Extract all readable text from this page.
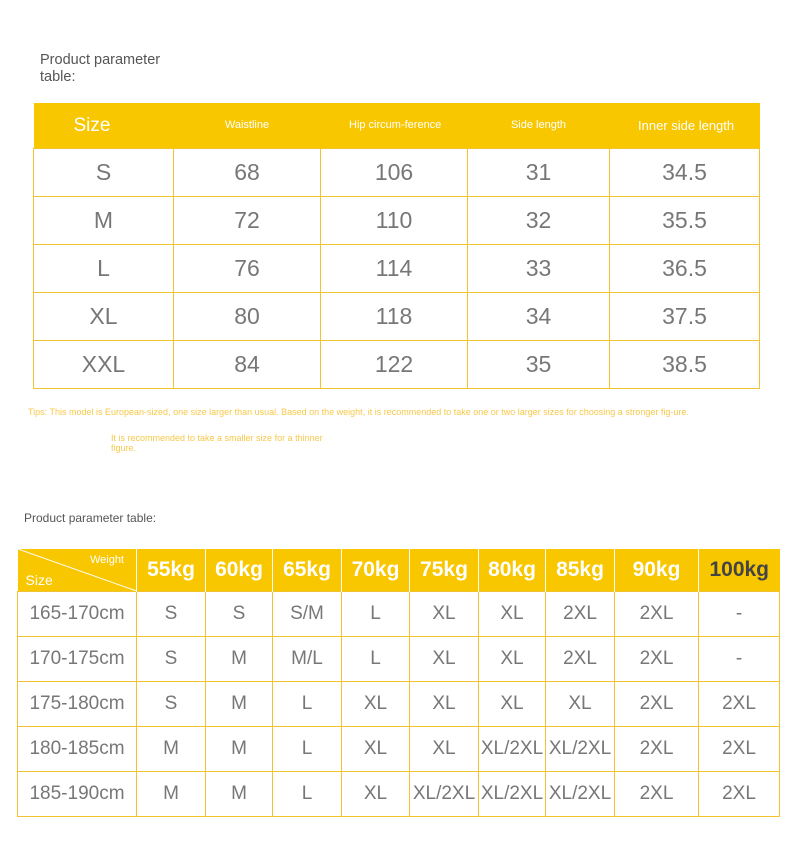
Product parameter table:
Size	Waistline	Hip circum-ference	Side length	Inner side length
S	68	106	31	34.5
M	72	110	32	35.5
L	76	114	33	36.5
XL	80	118	34	37.5
XXL	84	122	35	38.5
Tips: This model is European-sized, one size larger than usual. Based on the weight, it is recommended to take one or two larger sizes for choosing a stronger fig-ure.
It is recommended to take a smaller size for a thinner figure.
Product parameter table:
Weight
Size	55kg	60kg	65kg	70kg	75kg	80kg	85kg	90kg	100kg
165-170cm	S	S	S/M	L	XL	XL	2XL	2XL	-
170-175cm	S	M	M/L	L	XL	XL	2XL	2XL	-
175-180cm	S	M	L	XL	XL	XL	XL	2XL	2XL
180-185cm	M	M	L	XL	XL	XL/2XL	XL/2XL	2XL	2XL
185-190cm	M	M	L	XL	XL/2XL	XL/2XL	XL/2XL	2XL	2XL
